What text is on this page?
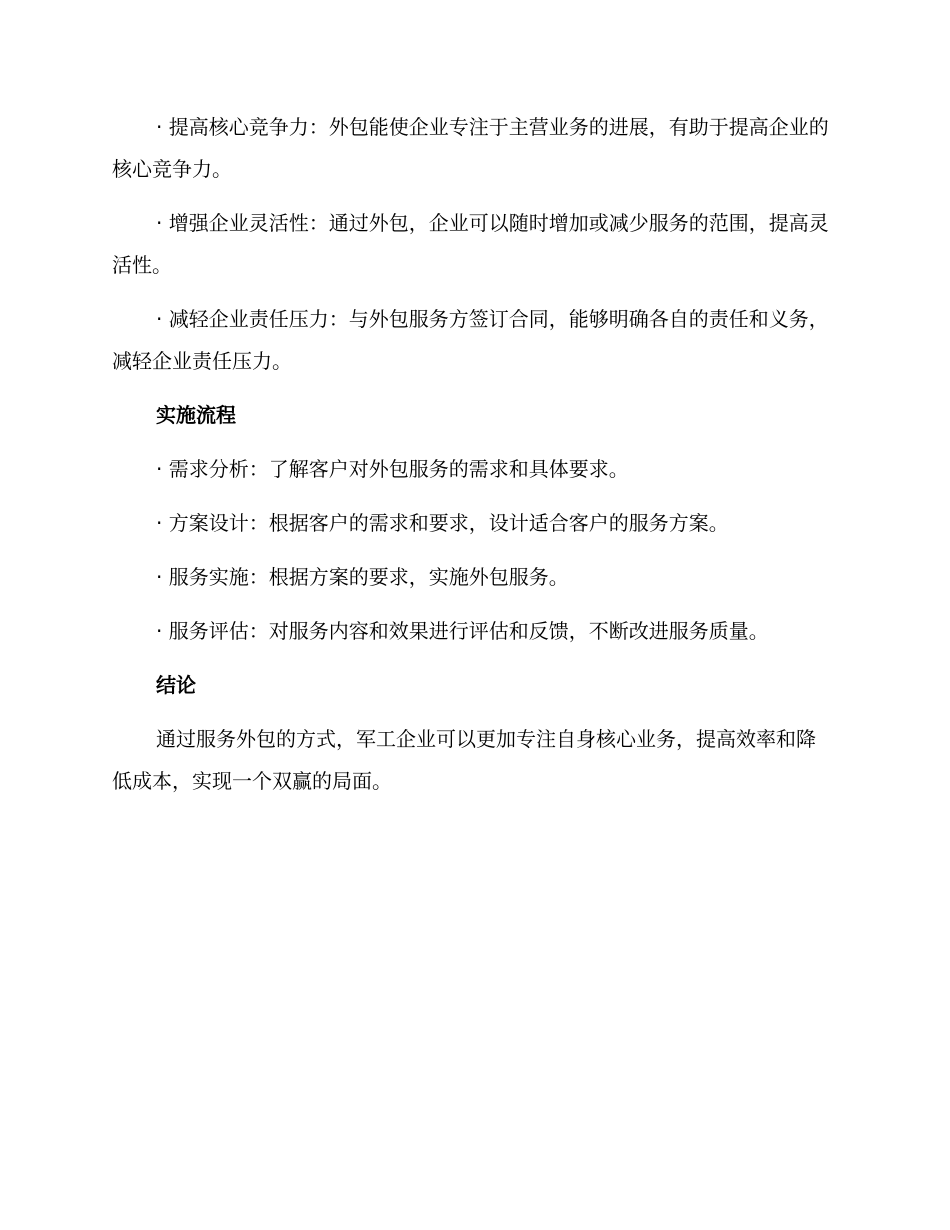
· 提高核心竞争力：外包能使企业专注于主营业务的进展，有助于提高企业的核心竞争力。

· 增强企业灵活性：通过外包，企业可以随时增加或减少服务的范围，提高灵活性。

· 减轻企业责任压力：与外包服务方签订合同，能够明确各自的责任和义务，减轻企业责任压力。

实施流程

· 需求分析：了解客户对外包服务的需求和具体要求。

· 方案设计：根据客户的需求和要求，设计适合客户的服务方案。

· 服务实施：根据方案的要求，实施外包服务。

· 服务评估：对服务内容和效果进行评估和反馈，不断改进服务质量。

结论

通过服务外包的方式，军工企业可以更加专注自身核心业务，提高效率和降低成本，实现一个双赢的局面。
